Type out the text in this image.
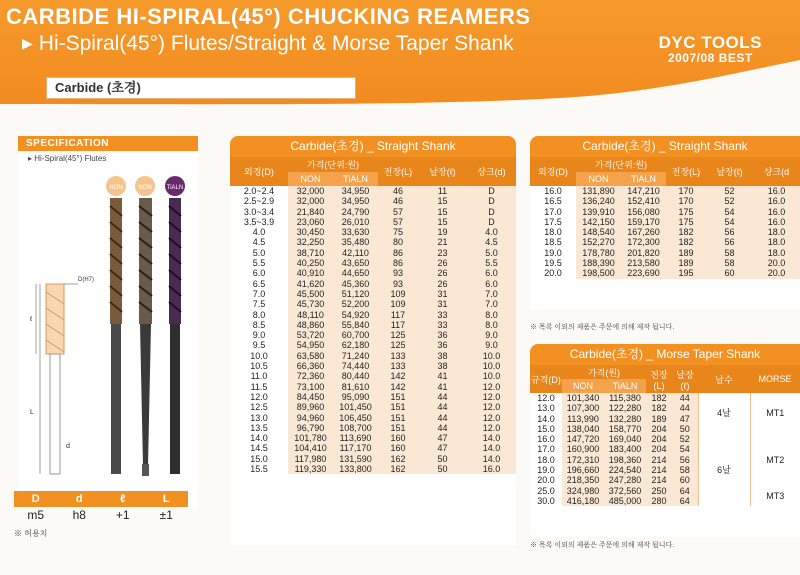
CARBIDE HI-SPIRAL(45°) CHUCKING REAMERS
▶ Hi-Spiral(45°) Flutes/Straight & Morse Taper Shank	DYC TOOLS
2007/08 BEST
Carbide (초경)
SPECIFICATION
▸ Hi-Spiral(45°) Flutes
NON	NON	TiALN
D(H7)
ℓ
L
d
D	d	ℓ	L
m5	h8	+1	±1
※ 허용치
Carbide(초경) _ Straight Shank
외경(D)	가격(단위:원)		전장(L)	날장(ℓ)	샹크(d)
	NON	TiALN			
2.0~2.4	32,000	34,950	46	11	D
2.5~2.9	32,000	34,950	46	15	D
3.0~3.4	21,840	24,790	57	15	D
3.5~3.9	23,060	26,010	57	15	D
4.0	30,450	33,630	75	19	4.0
4.5	32,250	35,480	80	21	4.5
5.0	38,710	42,110	86	23	5.0
5.5	40,250	43,650	86	26	5.5
6.0	40,910	44,650	93	26	6.0
6.5	41,620	45,360	93	26	6.0
7.0	45,500	51,120	109	31	7.0
7.5	45,730	52,200	109	31	7.0
8.0	48,110	54,920	117	33	8.0
8.5	48,860	55,840	117	33	8.0
9.0	53,720	60,700	125	36	9.0
9.5	54,950	62,180	125	36	9.0
10.0	63,580	71,240	133	38	10.0
10.5	66,360	74,440	133	38	10.0
11.0	72,360	80,440	142	41	10.0
11.5	73,100	81,610	142	41	12.0
12.0	84,450	95,090	151	44	12.0
12.5	89,960	101,450	151	44	12.0
13.0	94,960	106,450	151	44	12.0
13.5	96,790	108,700	151	44	12.0
14.0	101,780	113,690	160	47	14.0
14.5	104,410	117,170	160	47	14.0
15.0	117,980	131,590	162	50	14.0
15.5	119,330	133,800	162	50	16.0
Carbide(초경) _ Straight Shank
외경(D)	가격(단위:원)		전장(L)	날장(ℓ)	샹크(d
	NON	TiALN			
16.0	131,890	147,210	170	52	16.0
16.5	136,240	152,410	170	52	16.0
17.0	139,910	156,080	175	54	16.0
17.5	142,150	159,170	175	54	16.0
18.0	148,540	167,260	182	56	18.0
18.5	152,270	172,300	182	56	18.0
19.0	178,780	201,820	189	58	18.0
19.5	188,390	213,580	189	58	20.0
20.0	198,500	223,690	195	60	20.0
※ 목록 이외의 제품은 주문에 의해 제작 됩니다.
Carbide(초경) _ Morse Taper Shank
규격(D)	가격(원)		전장(L)	날장(ℓ)	날수	MORSE
	NON	TiALN				
12.0	101,340	115,380	182	44	4날	MT1
13.0	107,300	122,280	182	44		
14.0	113,990	132,280	189	47		
15.0	138,040	158,770	204	50		
16.0	147,720	169,040	204	52	6날	MT2
17.0	160,900	183,400	204	54		
18.0	172,310	198,360	214	56		
19.0	196,660	224,540	214	58		
20.0	218,350	247,280	214	60		
25.0	324,980	372,560	250	64		MT3
30.0	416,180	485,000	280	64		
※ 목록 이외의 제품은 주문에 의해 제작 됩니다.
